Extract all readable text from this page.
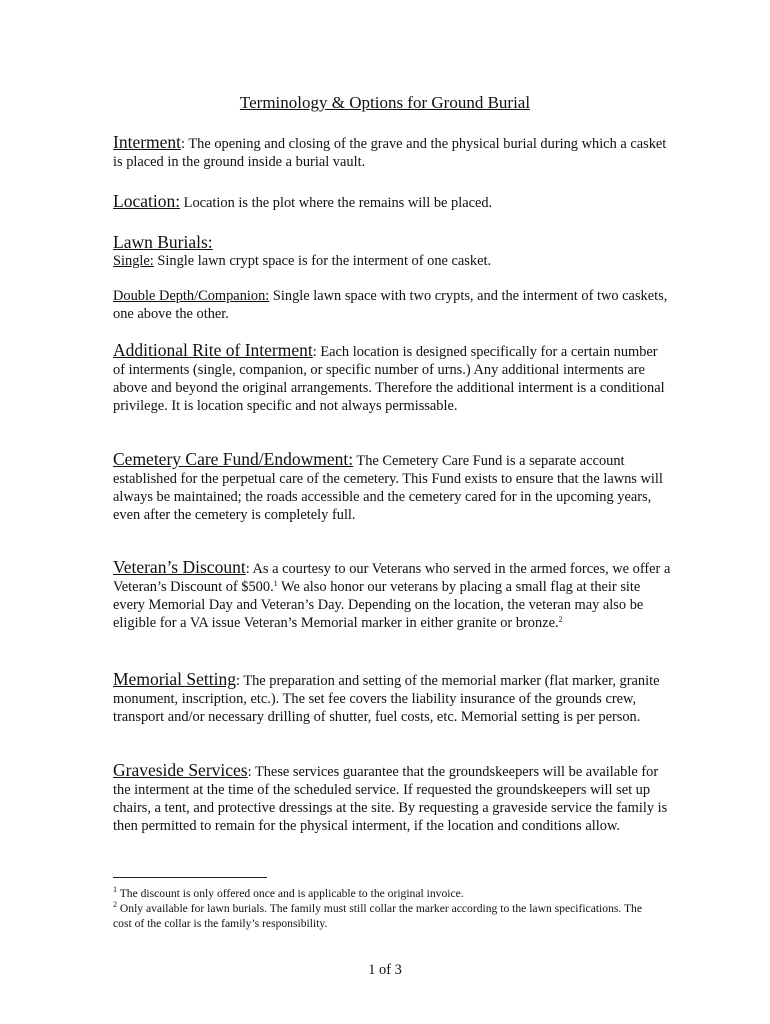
Terminology & Options for Ground Burial

Interment: The opening and closing of the grave and the physical burial during which a casket is placed in the ground inside a burial vault.

Location: Location is the plot where the remains will be placed.

Lawn Burials:

Single: Single lawn crypt space is for the interment of one casket.

Double Depth/Companion: Single lawn space with two crypts, and the interment of two caskets, one above the other.

Additional Rite of Interment: Each location is designed specifically for a certain number of interments (single, companion, or specific number of urns.) Any additional interments are above and beyond the original arrangements. Therefore the additional interment is a conditional privilege. It is location specific and not always permissable.

Cemetery Care Fund/Endowment: The Cemetery Care Fund is a separate account established for the perpetual care of the cemetery. This Fund exists to ensure that the lawns will always be maintained; the roads accessible and the cemetery cared for in the upcoming years, even after the cemetery is completely full.

Veteran’s Discount: As a courtesy to our Veterans who served in the armed forces, we offer a Veteran’s Discount of $500.$^1$ We also honor our veterans by placing a small flag at their site every Memorial Day and Veteran’s Day. Depending on the location, the veteran may also be eligible for a VA issue Veteran’s Memorial marker in either granite or bronze.$^2$

Memorial Setting: The preparation and setting of the memorial marker (flat marker, granite monument, inscription, etc.). The set fee covers the liability insurance of the grounds crew, transport and/or necessary drilling of shutter, fuel costs, etc. Memorial setting is per person.

Graveside Services: These services guarantee that the groundskeepers will be available for the interment at the time of the scheduled service. If requested the groundskeepers will set up chairs, a tent, and protective dressings at the site. By requesting a graveside service the family is then permitted to remain for the physical interment, if the location and conditions allow.

$^1$ The discount is only offered once and is applicable to the original invoice.

$^2$ Only available for lawn burials. The family must still collar the marker according to the lawn specifications. The cost of the collar is the family’s responsibility.

1 of 3
